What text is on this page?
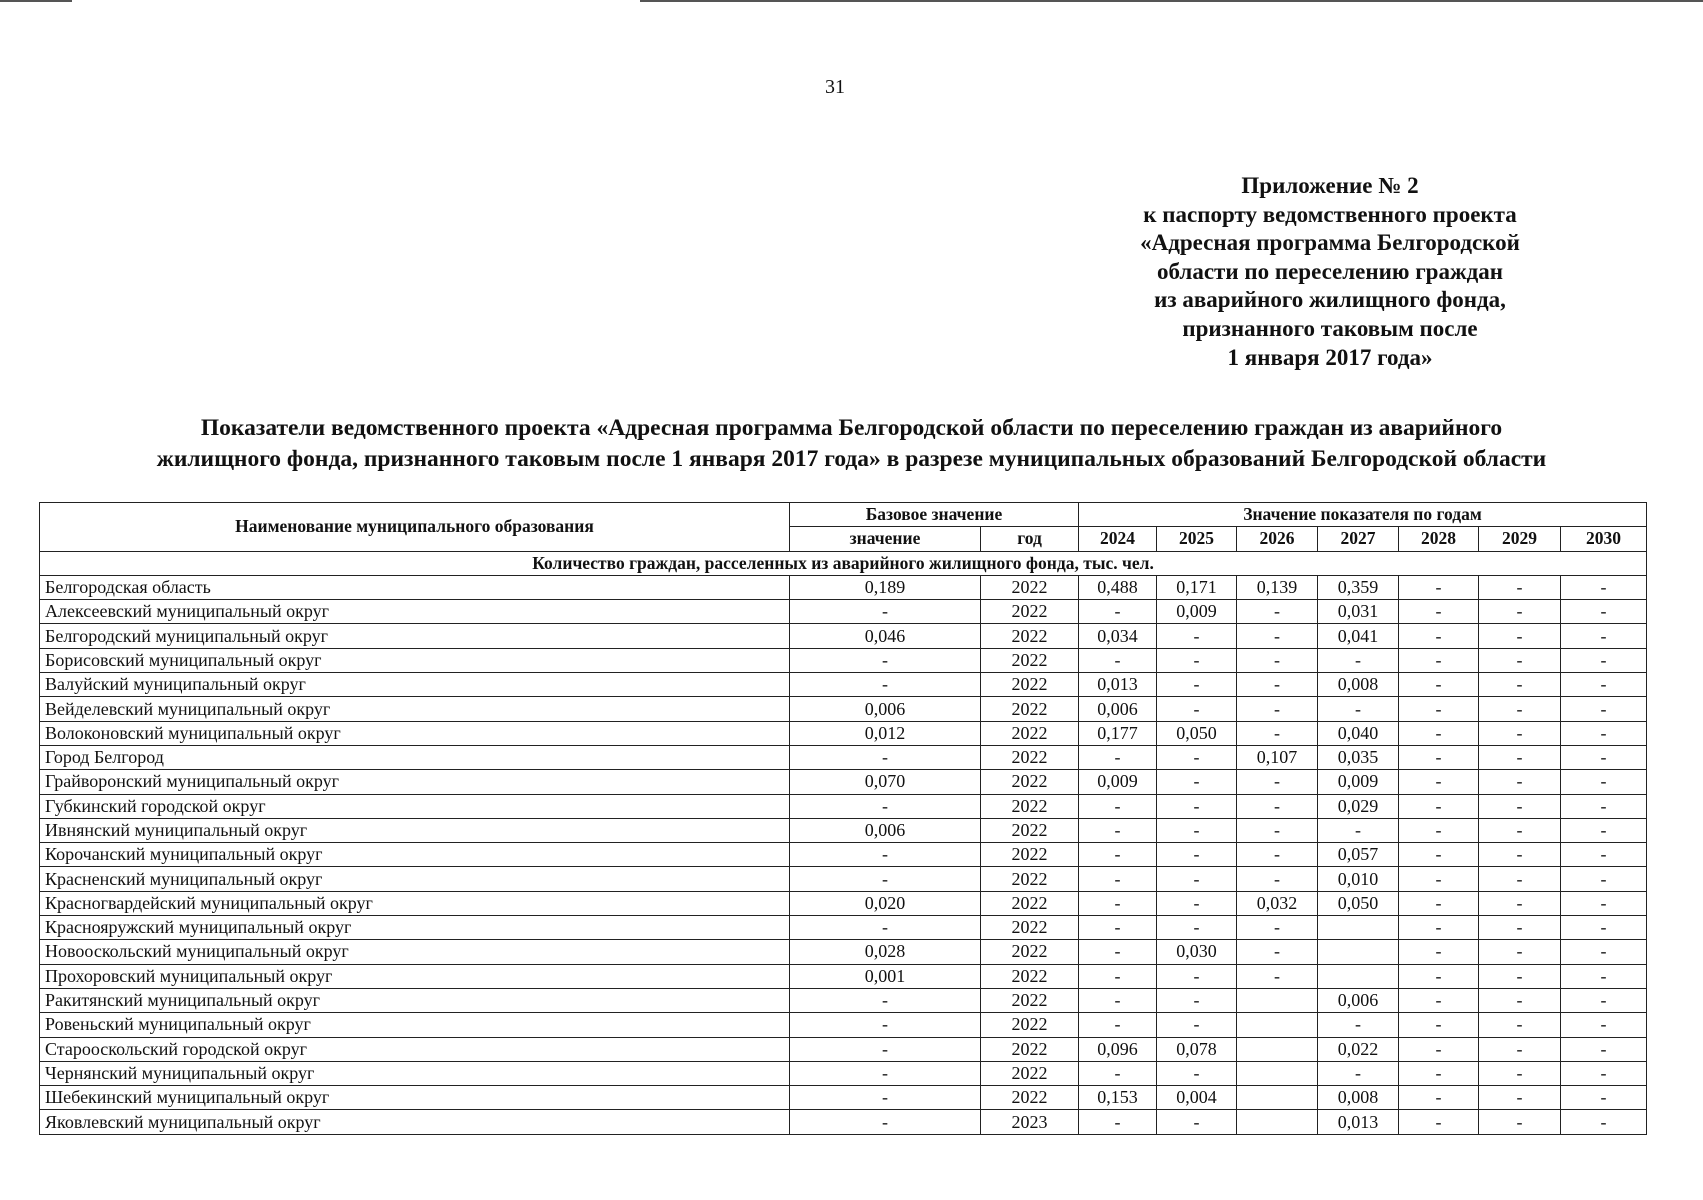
31
Приложение № 2
к паспорту ведомственного проекта
«Адресная программа Белгородской
области по переселению граждан
из аварийного жилищного фонда,
признанного таковым после
1 января 2017 года»
Показатели ведомственного проекта «Адресная программа Белгородской области по переселению граждан из аварийного
жилищного фонда, признанного таковым после 1 января 2017 года» в разрезе муниципальных образований Белгородской области
Наименование муниципального образования	Базовое значение		Значение показателя по годам						
	значение	год	2024	2025	2026	2027	2028	2029	2030
Количество граждан, расселенных из аварийного жилищного фонда, тыс. чел.									
Белгородская область	0,189	2022	0,488	0,171	0,139	0,359	-	-	-
Алексеевский муниципальный округ	-	2022	-	0,009	-	0,031	-	-	-
Белгородский муниципальный округ	0,046	2022	0,034	-	-	0,041	-	-	-
Борисовский муниципальный округ	-	2022	-	-	-	-	-	-	-
Валуйский муниципальный округ	-	2022	0,013	-	-	0,008	-	-	-
Вейделевский муниципальный округ	0,006	2022	0,006	-	-	-	-	-	-
Волоконовский муниципальный округ	0,012	2022	0,177	0,050	-	0,040	-	-	-
Город Белгород	-	2022	-	-	0,107	0,035	-	-	-
Грайворонский муниципальный округ	0,070	2022	0,009	-	-	0,009	-	-	-
Губкинский городской округ	-	2022	-	-	-	0,029	-	-	-
Ивнянский муниципальный округ	0,006	2022	-	-	-	-	-	-	-
Корочанский муниципальный округ	-	2022	-	-	-	0,057	-	-	-
Красненский муниципальный округ	-	2022	-	-	-	0,010	-	-	-
Красногвардейский муниципальный округ	0,020	2022	-	-	0,032	0,050	-	-	-
Краснояружский муниципальный округ	-	2022	-	-	-		-	-	-
Новооскольский муниципальный округ	0,028	2022	-	0,030	-		-	-	-
Прохоровский муниципальный округ	0,001	2022	-	-	-		-	-	-
Ракитянский муниципальный округ	-	2022	-	-		0,006	-	-	-
Ровеньский муниципальный округ	-	2022	-	-		-	-	-	-
Старооскольский городской округ	-	2022	0,096	0,078		0,022	-	-	-
Чернянский муниципальный округ	-	2022	-	-		-	-	-	-
Шебекинский муниципальный округ	-	2022	0,153	0,004		0,008	-	-	-
Яковлевский муниципальный округ	-	2023	-	-		0,013	-	-	-
